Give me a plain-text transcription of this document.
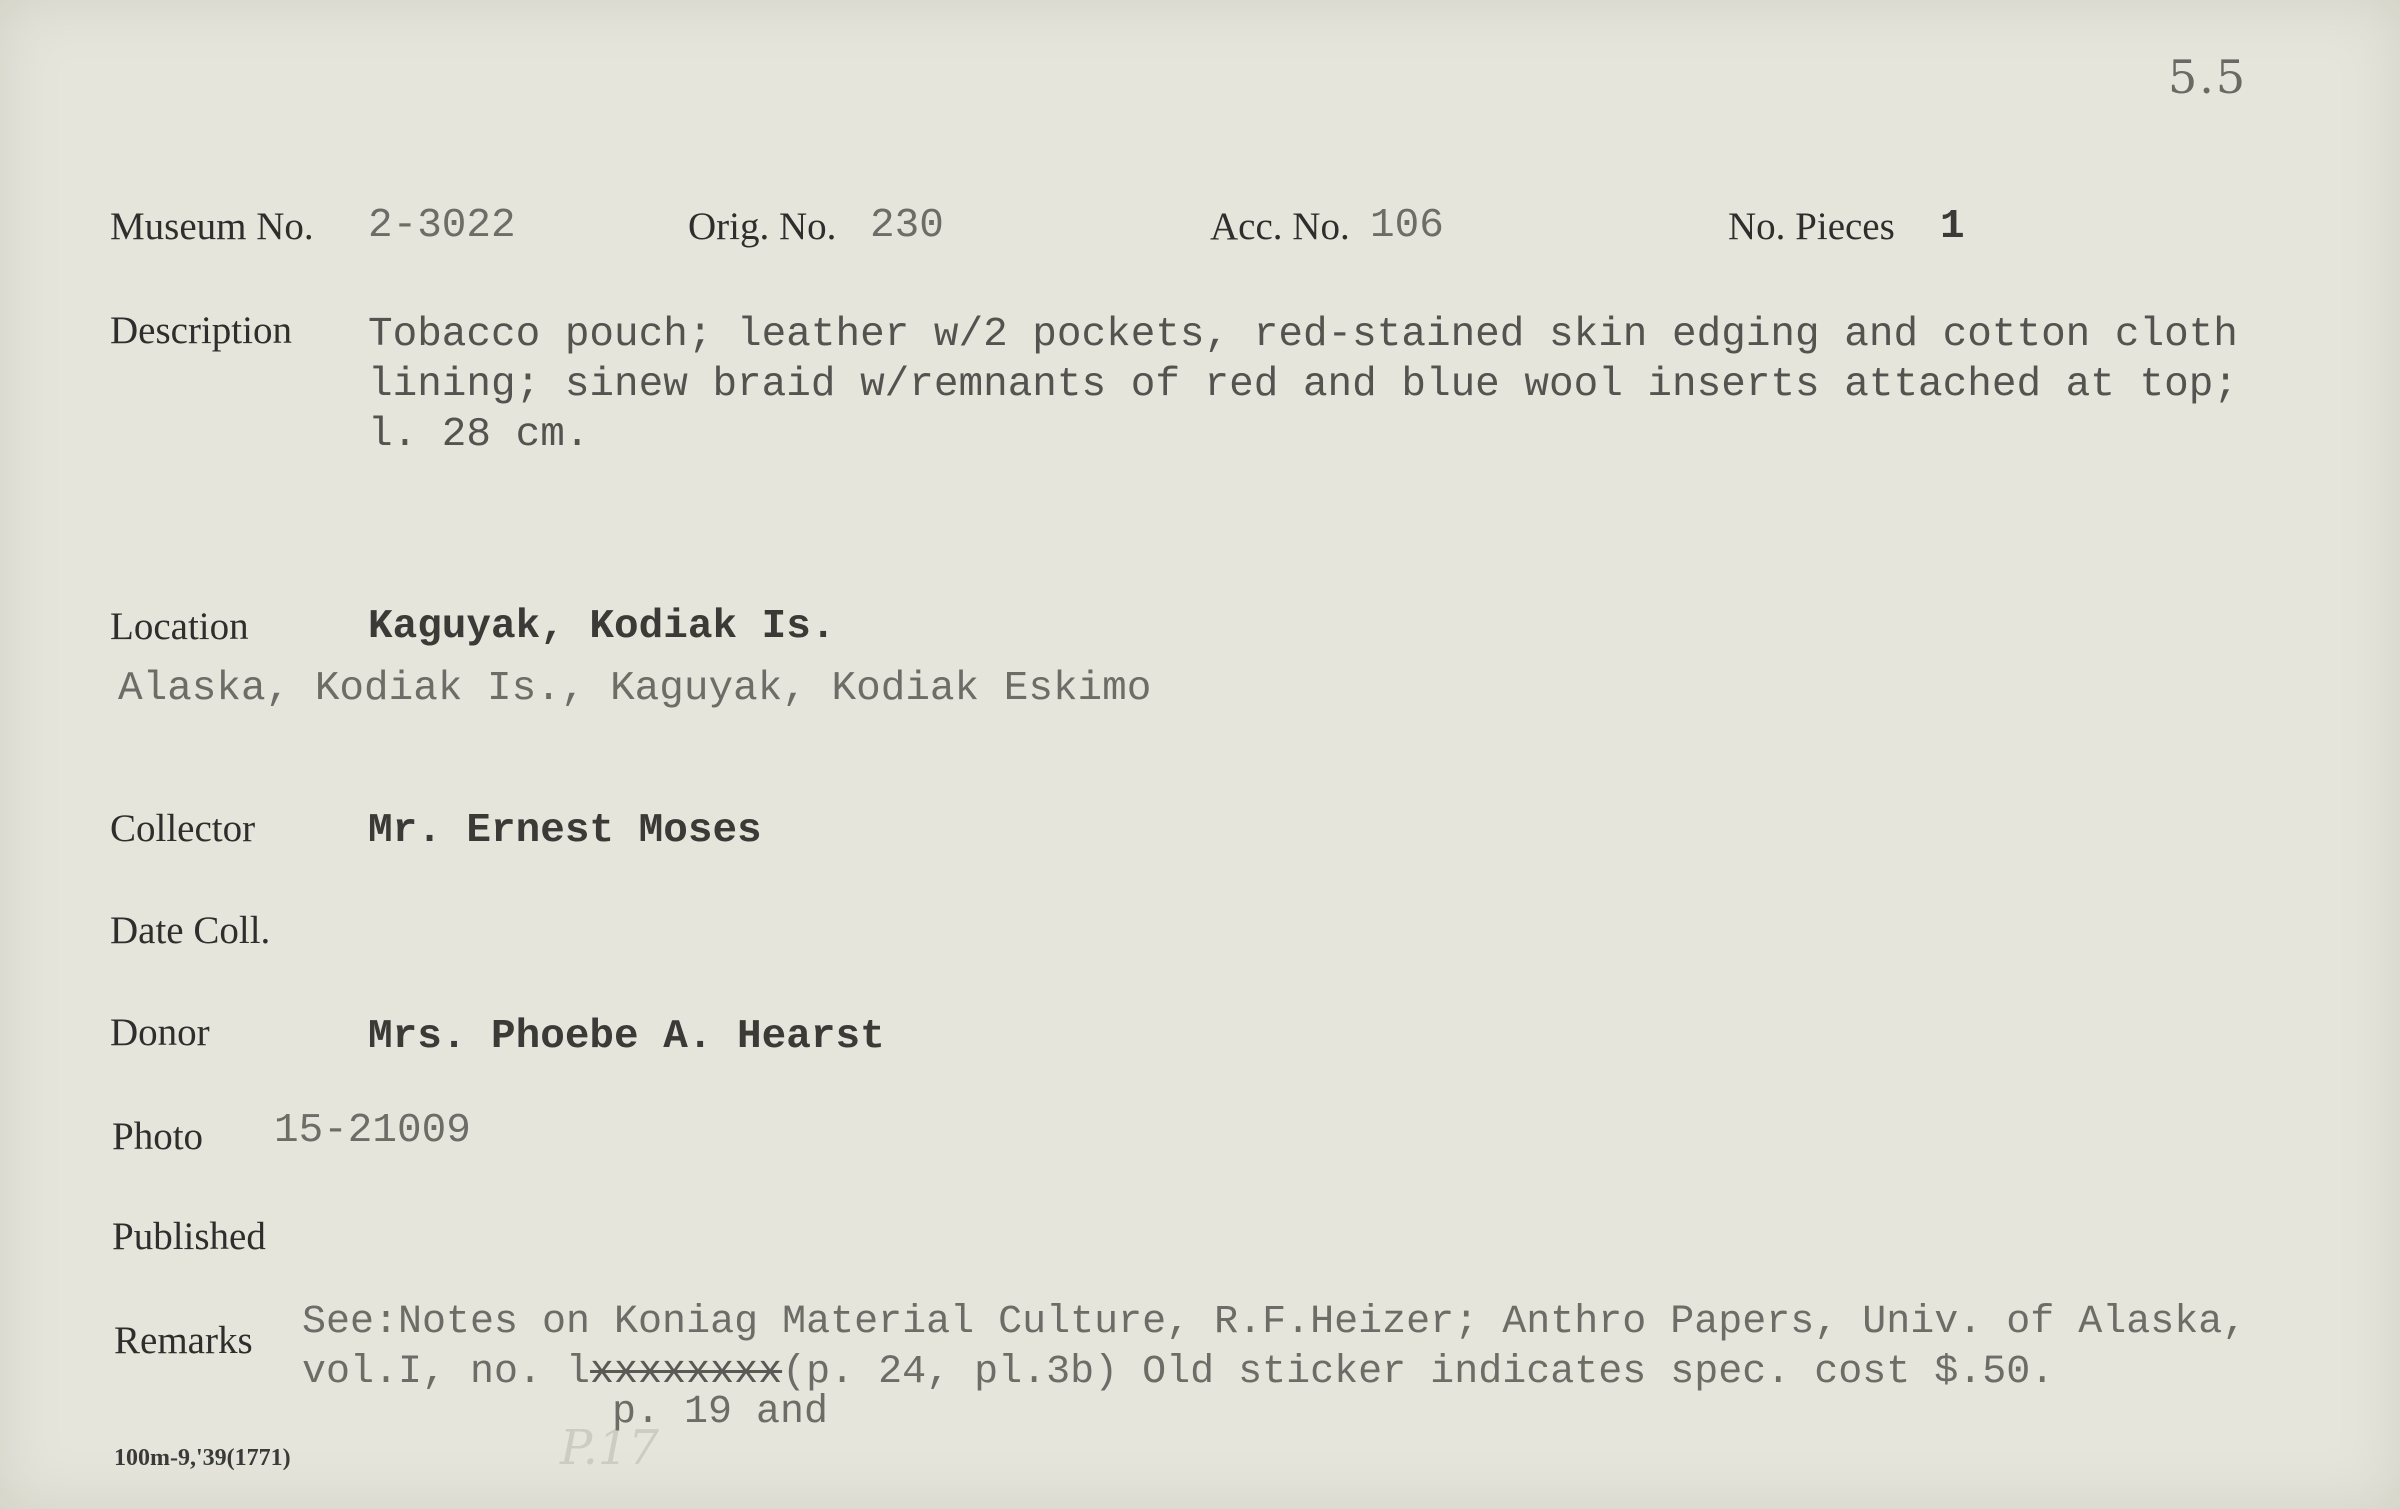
5.5
Museum No. 2-3022	Orig. No. 230	Acc. No. 106	No. Pieces 1
Description Tobacco pouch; leather w/2 pockets, red-stained skin edging and cotton cloth
lining; sinew braid w/remnants of red and blue wool inserts attached at top;
l. 28 cm.
Location	Kaguyak, Kodiak Is.
Alaska, Kodiak Is., Kaguyak, Kodiak Eskimo
Collector	Mr. Ernest Moses
Date Coll.
Donor	Mrs. Phoebe A. Hearst
Photo 15-21009
Published
Remarks See:Notes on Koniag Material Culture, R.F.Heizer; Anthro Papers, Univ. of Alaska,
vol.I, no. lxxxxxxxx(p. 24, pl.3b) Old sticker indicates spec. cost $.50.
p. 19 and
P.17
100m-9,'39(1771)
